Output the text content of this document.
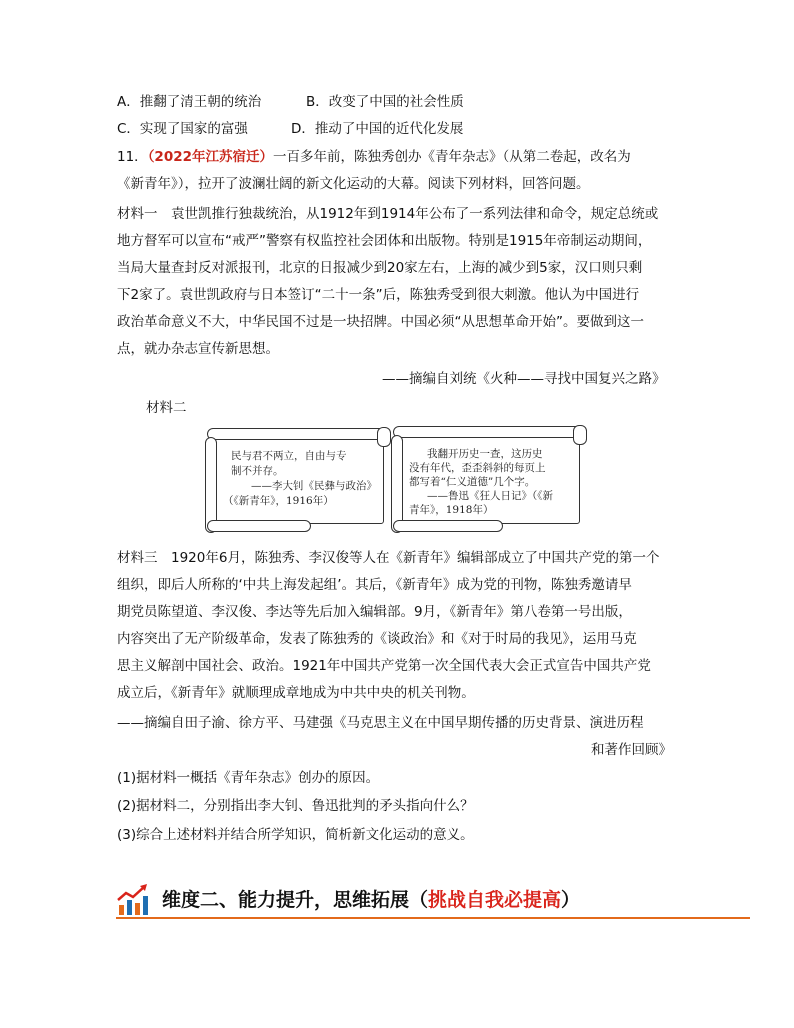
A．推翻了清王朝的统治	B．改变了中国的社会性质
C．实现了国家的富强	D．推动了中国的近代化发展
11．（2022年江苏宿迁）一百多年前，陈独秀创办《青年杂志》（从第二卷起，改名为
《新青年》），拉开了波澜壮阔的新文化运动的大幕。阅读下列材料，回答问题。
材料一　袁世凯推行独裁统治，从1912年到1914年公布了一系列法律和命令，规定总统或
地方督军可以宣布“戒严”警察有权监控社会团体和出版物。特别是1915年帝制运动期间，
当局大量查封反对派报刊，北京的日报减少到20家左右，上海的减少到5家，汉口则只剩
下2家了。袁世凯政府与日本签订“二十一条”后，陈独秀受到很大刺激。他认为中国进行
政治革命意义不大，中华民国不过是一块招牌。中国必须“从思想革命开始”。要做到这一
点，就办杂志宣传新思想。
——摘编自刘统《火种——寻找中国复兴之路》
材料二
民与君不两立，自由与专
制不并存。
——李大钊《民彝与政治》
（《新青年》，1916年）
我翻开历史一查，这历史
没有年代，歪歪斜斜的每页上
都写着“仁义道德”几个字。
——鲁迅《狂人日记》（《新
青年》，1918年）
材料三　1920年6月，陈独秀、李汉俊等人在《新青年》编辑部成立了中国共产党的第一个
组织，即后人所称的‘中共上海发起组’。其后，《新青年》成为党的刊物，陈独秀邀请早
期党员陈望道、李汉俊、李达等先后加入编辑部。9月，《新青年》第八卷第一号出版，
内容突出了无产阶级革命，发表了陈独秀的《谈政治》和《对于时局的我见》，运用马克
思主义解剖中国社会、政治。1921年中国共产党第一次全国代表大会正式宣告中国共产党
成立后，《新青年》就顺理成章地成为中共中央的机关刊物。
——摘编自田子渝、徐方平、马建强《马克思主义在中国早期传播的历史背景、演进历程
和著作回顾》
(1)据材料一概括《青年杂志》创办的原因。
(2)据材料二，分别指出李大钊、鲁迅批判的矛头指向什么？
(3)综合上述材料并结合所学知识，简析新文化运动的意义。
维度二、能力提升，思维拓展（挑战自我必提高）
